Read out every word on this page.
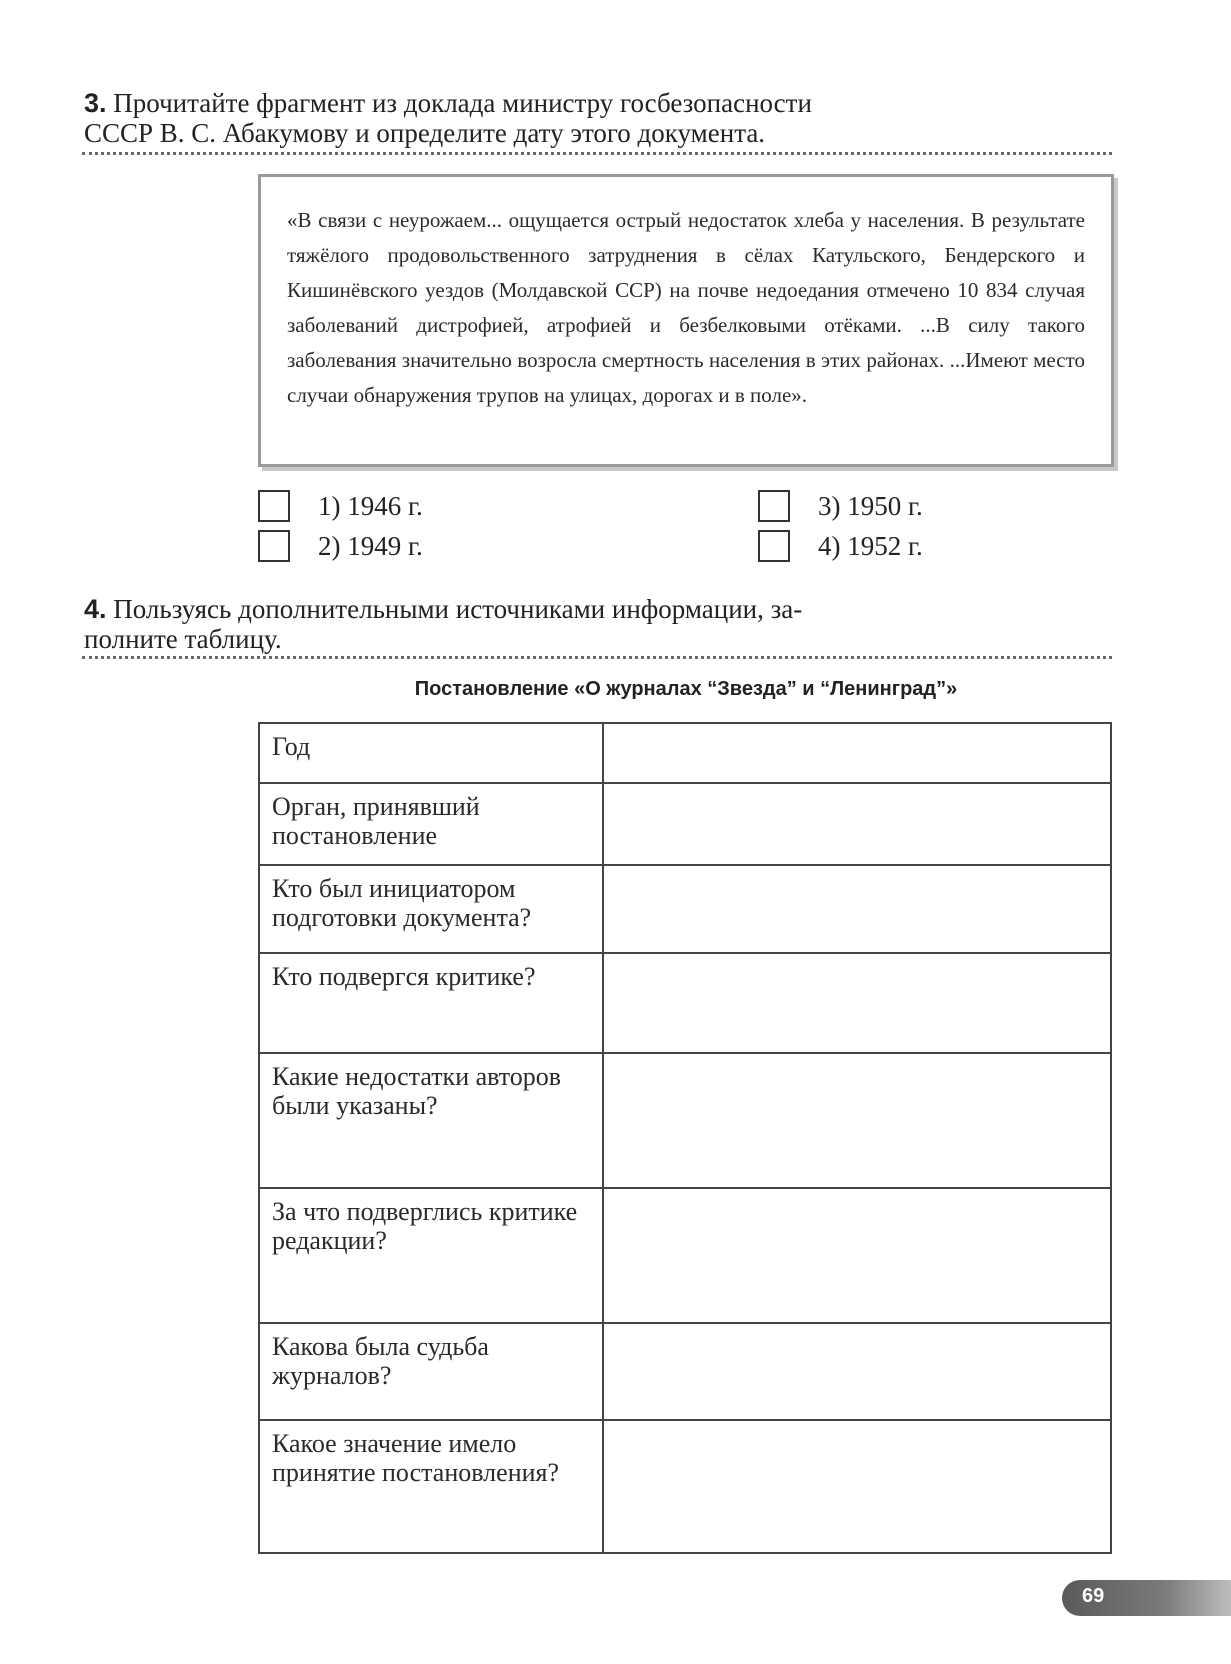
3. Прочитайте фрагмент из доклада министру госбезопасности
СССР В. С. Абакумову и определите дату этого документа.

«В связи с неурожаем... ощущается острый недостаток хлеба у населения. В результате тяжёлого продовольственного затруднения в сёлах Катульского, Бендерского и Кишинёвского уездов (Молдавской ССР) на почве недоедания отмечено 10 834 случая заболеваний дистрофией, атрофией и безбелковыми отёками. ...В силу такого заболевания значительно возросла смертность населения в этих районах. ...Имеют место случаи обнаружения трупов на улицах, дорогах и в поле».

1) 1946 г.
2) 1949 г.
3) 1950 г.
4) 1952 г.
4. Пользуясь дополнительными источниками информации, за-
полните таблицу.
Постановление «О журналах “Звезда” и “Ленинград”»
Год	
Орган, принявший постановление	
Кто был инициатором подготовки документа?	
Кто подвергся критике?	
Какие недостатки авторов были указаны?	
За что подверглись критике редакции?	
Какова была судьба журналов?	
Какое значение имело принятие постановления?	
69
